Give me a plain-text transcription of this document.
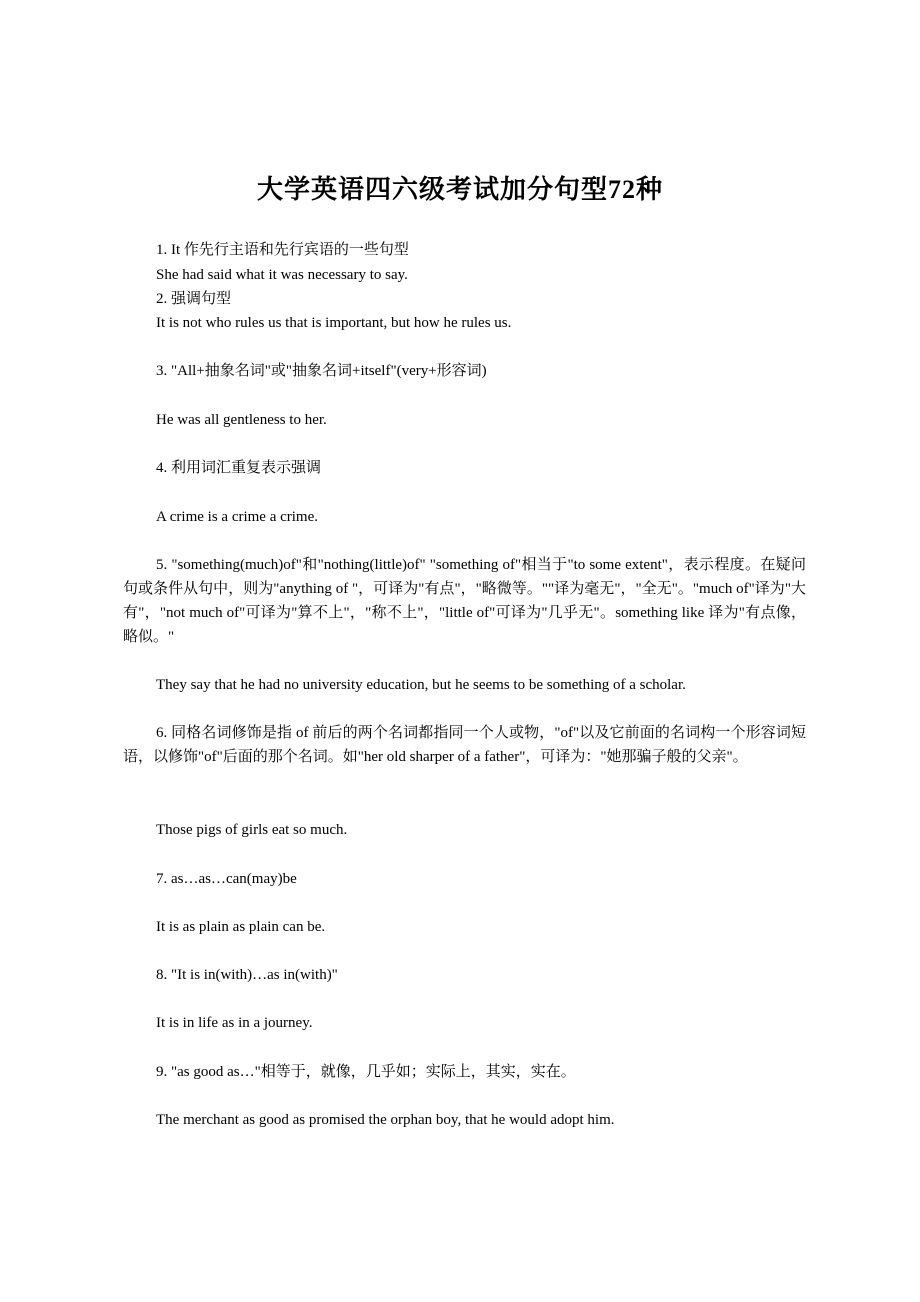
大学英语四六级考试加分句型72种
1. It 作先行主语和先行宾语的一些句型
She had said what it was necessary to say.
2. 强调句型
It is not who rules us that is important, but how he rules us.
3. "All+抽象名词"或"抽象名词+itself"(very+形容词)
He was all gentleness to her.
4. 利用词汇重复表示强调
A crime is a crime a crime.
5. "something(much)of"和"nothing(little)of" "something of"相当于"to some extent"，表示程度。在疑问句或条件从句中，则为"anything of "，可译为"有点"，"略微等。""译为毫无"，"全无"。"much of"译为"大有"，"not much of"可译为"算不上"，"称不上"，"little of"可译为"几乎无"。something like 译为"有点像，略似。"
They say that he had no university education, but he seems to be something of a scholar.
6. 同格名词修饰是指 of 前后的两个名词都指同一个人或物，"of"以及它前面的名词构一个形容词短语，以修饰"of"后面的那个名词。如"her old sharper of a father"，可译为："她那骗子般的父亲"。
Those pigs of girls eat so much.
7. as…as…can(may)be
It is as plain as plain can be.
8. "It is in(with)…as in(with)"
It is in life as in a journey.
9. "as good as…"相等于，就像，几乎如；实际上，其实，实在。
The merchant as good as promised the orphan boy, that he would adopt him.
